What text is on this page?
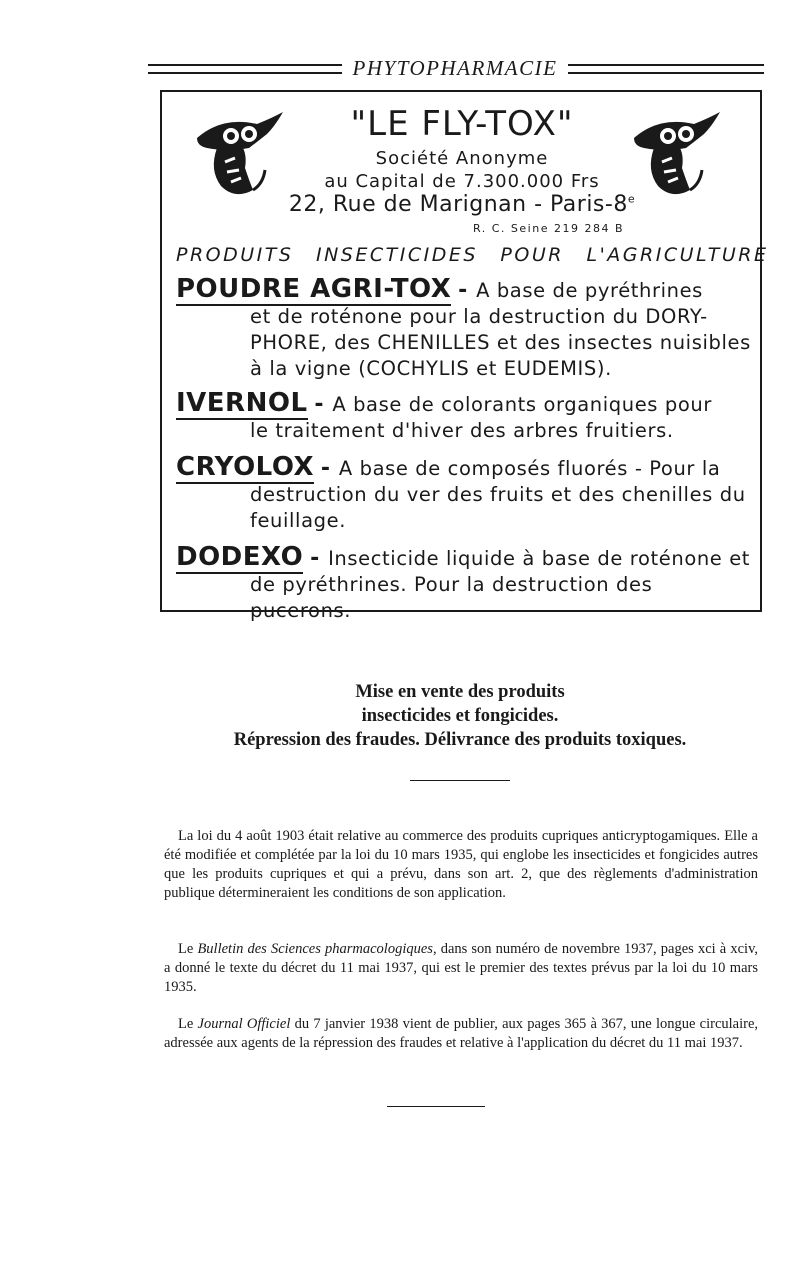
PHYTOPHARMACIE
"LE FLY-TOX"
Société Anonyme
au Capital de 7.300.000 Frs
22, Rue de Marignan - Paris-8e
R. C. Seine 219 284 B
PRODUITS INSECTICIDES POUR L'AGRICULTURE
POUDRE AGRI-TOX - A base de pyréthrines
et de roténone pour la destruction du DORY-PHORE, des CHENILLES et des insectes nuisibles à la vigne (COCHYLIS et EUDEMIS).
IVERNOL - A base de colorants organiques pour
le traitement d'hiver des arbres fruitiers.
CRYOLOX - A base de composés fluorés - Pour la
destruction du ver des fruits et des chenilles du feuillage.
DODEXO - Insecticide liquide à base de roténone et
de pyréthrines. Pour la destruction des pucerons.
Mise en vente des produits
insecticides et fongicides.
Répression des fraudes. Délivrance des produits toxiques.

La loi du 4 août 1903 était relative au commerce des produits cupriques anticryptogamiques. Elle a été modifiée et complétée par la loi du 10 mars 1935, qui englobe les insecticides et fongicides autres que les produits cupriques et qui a prévu, dans son art. 2, que des règlements d'administration publique détermineraient les conditions de son application.

Le Bulletin des Sciences pharmacologiques, dans son numéro de novembre 1937, pages xci à xciv, a donné le texte du décret du 11 mai 1937, qui est le premier des textes prévus par la loi du 10 mars 1935.

Le Journal Officiel du 7 janvier 1938 vient de publier, aux pages 365 à 367, une longue circulaire, adressée aux agents de la répression des fraudes et relative à l'application du décret du 11 mai 1937.
